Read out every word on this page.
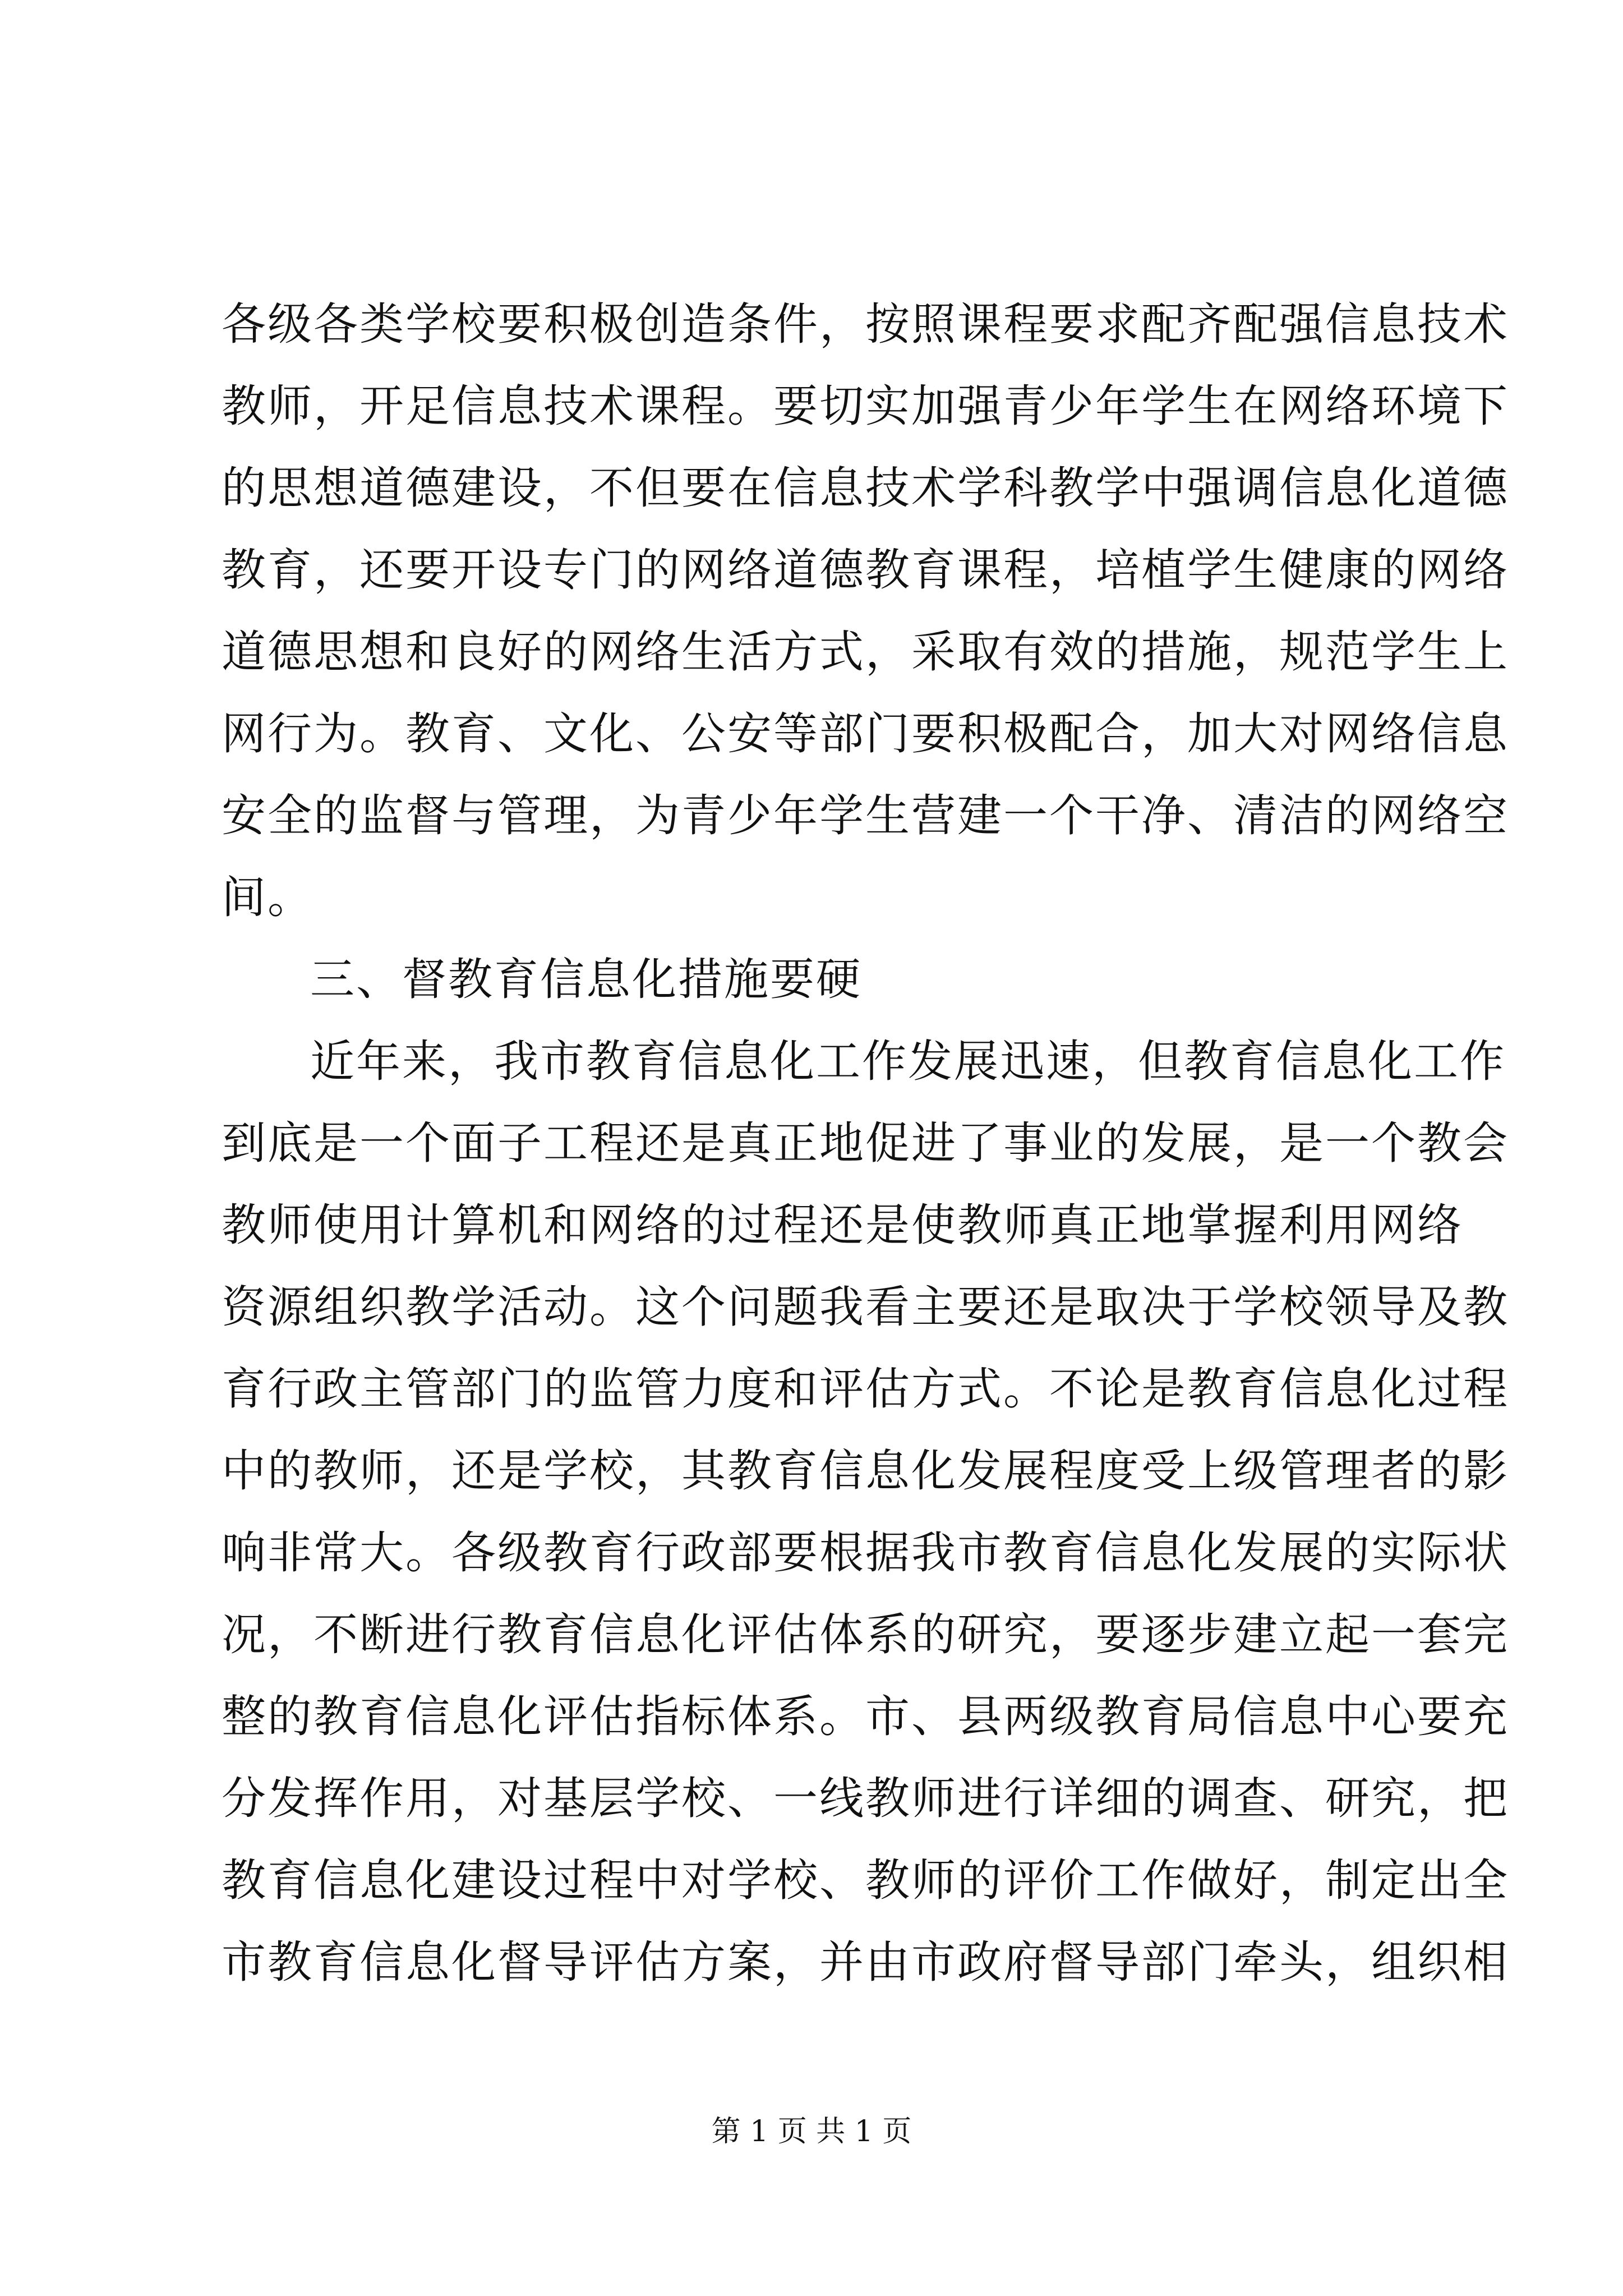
各级各类学校要积极创造条件，按照课程要求配齐配强信息技术
教师，开足信息技术课程。要切实加强青少年学生在网络环境下
的思想道德建设，不但要在信息技术学科教学中强调信息化道德
教育，还要开设专门的网络道德教育课程，培植学生健康的网络
道德思想和良好的网络生活方式，采取有效的措施，规范学生上
网行为。教育、文化、公安等部门要积极配合，加大对网络信息
安全的监督与管理，为青少年学生营建一个干净、清洁的网络空
间。
三、督教育信息化措施要硬
近年来，我市教育信息化工作发展迅速，但教育信息化工作
到底是一个面子工程还是真正地促进了事业的发展，是一个教会
教师使用计算机和网络的过程还是使教师真正地掌握利用网络
资源组织教学活动。这个问题我看主要还是取决于学校领导及教
育行政主管部门的监管力度和评估方式。不论是教育信息化过程
中的教师，还是学校，其教育信息化发展程度受上级管理者的影
响非常大。各级教育行政部要根据我市教育信息化发展的实际状
况，不断进行教育信息化评估体系的研究，要逐步建立起一套完
整的教育信息化评估指标体系。市、县两级教育局信息中心要充
分发挥作用，对基层学校、一线教师进行详细的调查、研究，把
教育信息化建设过程中对学校、教师的评价工作做好，制定出全
市教育信息化督导评估方案，并由市政府督导部门牵头，组织相
第 1 页 共 1 页
